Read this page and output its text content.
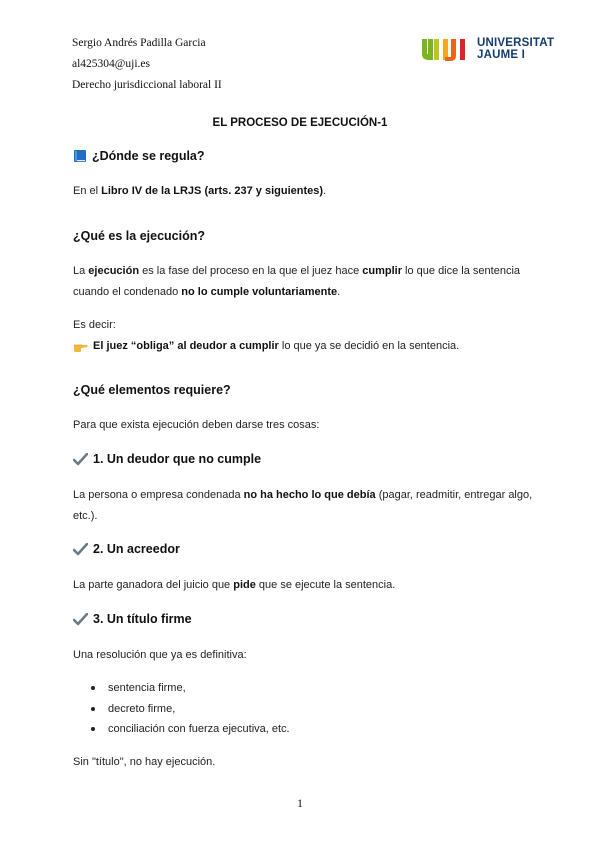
Sergio Andrés Padilla Garcia
al425304@uji.es
Derecho jurisdiccional laboral II
UNIVERSITAT
JAUME I
EL PROCESO DE EJECUCIÓN-1
¿Dónde se regula?

En el Libro IV de la LRJS (arts. 237 y siguientes).

¿Qué es la ejecución?

La ejecución es la fase del proceso en la que el juez hace cumplir lo que dice la sentencia cuando el condenado no lo cumple voluntariamente.

Es decir:

El juez “obliga” al deudor a cumplir lo que ya se decidió en la sentencia.

¿Qué elementos requiere?

Para que exista ejecución deben darse tres cosas:

1. Un deudor que no cumple

La persona o empresa condenada no ha hecho lo que debía (pagar, readmitir, entregar algo, etc.).

2. Un acreedor

La parte ganadora del juicio que pide que se ejecute la sentencia.

3. Un título firme

Una resolución que ya es definitiva:

sentencia firme,
decreto firme,
conciliación con fuerza ejecutiva, etc.

Sin "título", no hay ejecución.

1
